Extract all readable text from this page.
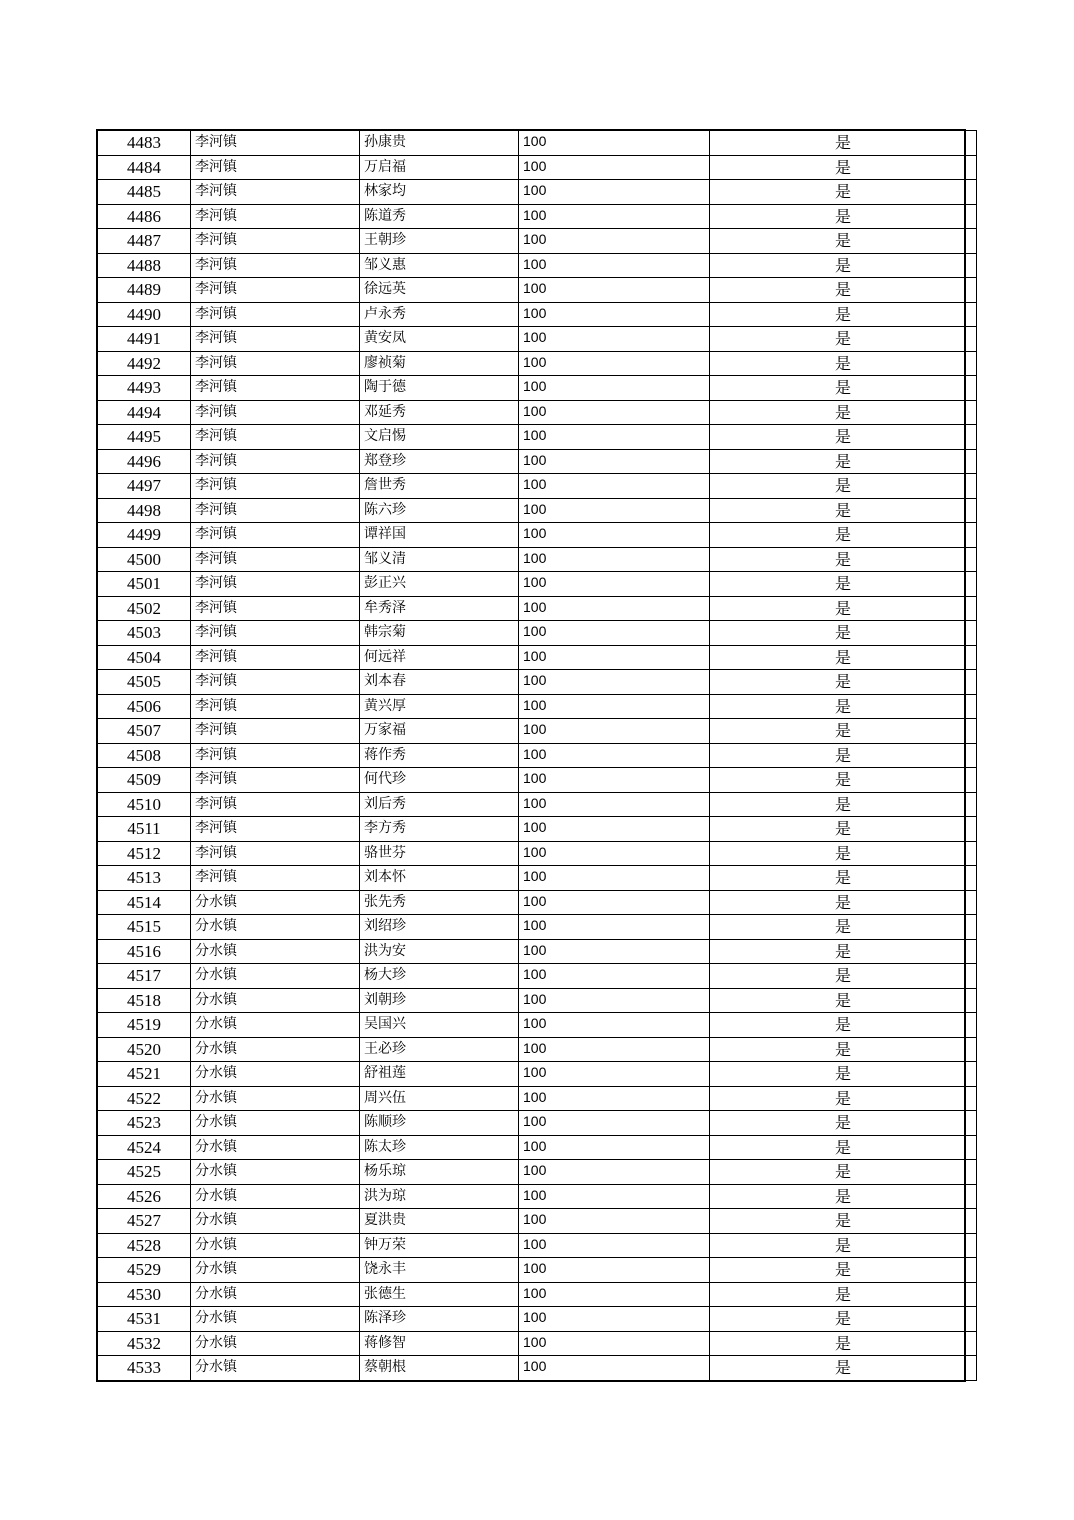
4483	李河镇	孙康贵	100	是
4484	李河镇	万启福	100	是
4485	李河镇	林家均	100	是
4486	李河镇	陈道秀	100	是
4487	李河镇	王朝珍	100	是
4488	李河镇	邹义惠	100	是
4489	李河镇	徐远英	100	是
4490	李河镇	卢永秀	100	是
4491	李河镇	黄安凤	100	是
4492	李河镇	廖祯菊	100	是
4493	李河镇	陶于德	100	是
4494	李河镇	邓延秀	100	是
4495	李河镇	文启惕	100	是
4496	李河镇	郑登珍	100	是
4497	李河镇	詹世秀	100	是
4498	李河镇	陈六珍	100	是
4499	李河镇	谭祥国	100	是
4500	李河镇	邹义清	100	是
4501	李河镇	彭正兴	100	是
4502	李河镇	牟秀泽	100	是
4503	李河镇	韩宗菊	100	是
4504	李河镇	何远祥	100	是
4505	李河镇	刘本春	100	是
4506	李河镇	黄兴厚	100	是
4507	李河镇	万家福	100	是
4508	李河镇	蒋作秀	100	是
4509	李河镇	何代珍	100	是
4510	李河镇	刘后秀	100	是
4511	李河镇	李方秀	100	是
4512	李河镇	骆世芬	100	是
4513	李河镇	刘本怀	100	是
4514	分水镇	张先秀	100	是
4515	分水镇	刘绍珍	100	是
4516	分水镇	洪为安	100	是
4517	分水镇	杨大珍	100	是
4518	分水镇	刘朝珍	100	是
4519	分水镇	吴国兴	100	是
4520	分水镇	王必珍	100	是
4521	分水镇	舒祖莲	100	是
4522	分水镇	周兴伍	100	是
4523	分水镇	陈顺珍	100	是
4524	分水镇	陈太珍	100	是
4525	分水镇	杨乐琼	100	是
4526	分水镇	洪为琼	100	是
4527	分水镇	夏洪贵	100	是
4528	分水镇	钟万荣	100	是
4529	分水镇	饶永丰	100	是
4530	分水镇	张德生	100	是
4531	分水镇	陈泽珍	100	是
4532	分水镇	蒋修智	100	是
4533	分水镇	蔡朝根	100	是
